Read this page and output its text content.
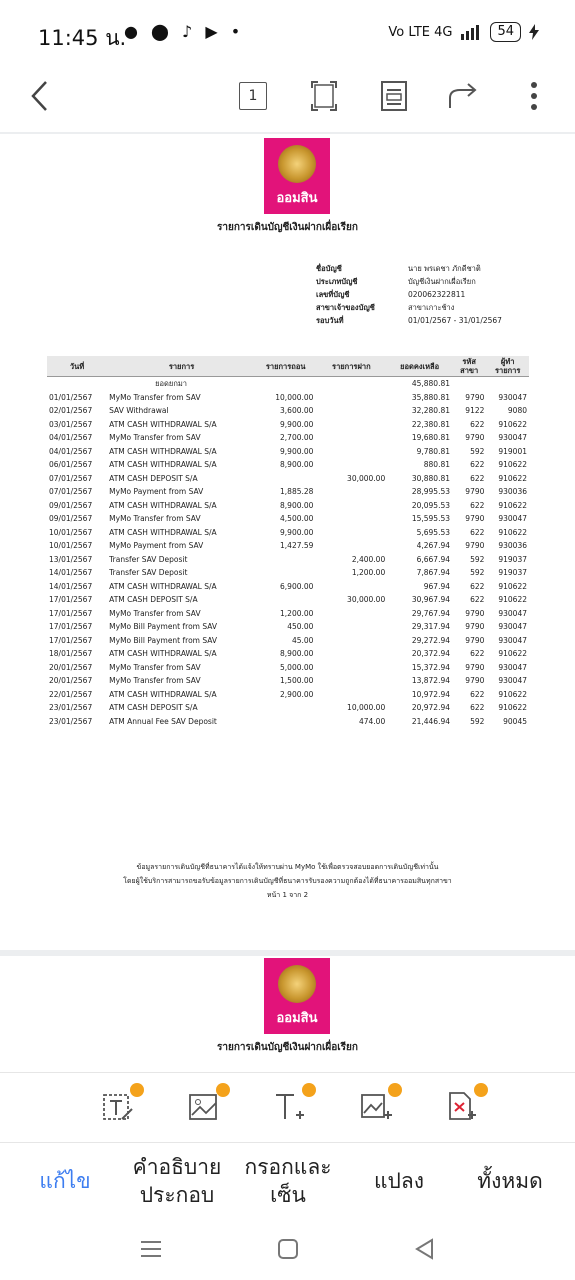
11:45 น.
● ⬤ ♪ ▶ •	Vo LTE 4G	54
1
ออมสิน
รายการเดินบัญชีเงินฝากเผื่อเรียก
ชื่อบัญชี	นาย พรเดชา ภักดีชาติ
ประเภทบัญชี	บัญชีเงินฝากเผื่อเรียก
เลขที่บัญชี	020062322811
สาขาเจ้าของบัญชี	สาขาเกาะช้าง
รอบวันที่	01/01/2567 - 31/01/2567
วันที่	รายการ	รายการถอน	รายการฝาก	ยอดคงเหลือ	รหัส สาขา	ผู้ทำ รายการ
	ยอดยกมา			45,880.81		
01/01/2567	MyMo Transfer from SAV	10,000.00		35,880.81	9790	930047
02/01/2567	SAV Withdrawal	3,600.00		32,280.81	9122	9080
03/01/2567	ATM CASH WITHDRAWAL S/A	9,900.00		22,380.81	622	910622
04/01/2567	MyMo Transfer from SAV	2,700.00		19,680.81	9790	930047
04/01/2567	ATM CASH WITHDRAWAL S/A	9,900.00		9,780.81	592	919001
06/01/2567	ATM CASH WITHDRAWAL S/A	8,900.00		880.81	622	910622
07/01/2567	ATM CASH DEPOSIT S/A		30,000.00	30,880.81	622	910622
07/01/2567	MyMo Payment from SAV	1,885.28		28,995.53	9790	930036
09/01/2567	ATM CASH WITHDRAWAL S/A	8,900.00		20,095.53	622	910622
09/01/2567	MyMo Transfer from SAV	4,500.00		15,595.53	9790	930047
10/01/2567	ATM CASH WITHDRAWAL S/A	9,900.00		5,695.53	622	910622
10/01/2567	MyMo Payment from SAV	1,427.59		4,267.94	9790	930036
13/01/2567	Transfer SAV Deposit		2,400.00	6,667.94	592	919037
14/01/2567	Transfer SAV Deposit		1,200.00	7,867.94	592	919037
14/01/2567	ATM CASH WITHDRAWAL S/A	6,900.00		967.94	622	910622
17/01/2567	ATM CASH DEPOSIT S/A		30,000.00	30,967.94	622	910622
17/01/2567	MyMo Transfer from SAV	1,200.00		29,767.94	9790	930047
17/01/2567	MyMo Bill Payment from SAV	450.00		29,317.94	9790	930047
17/01/2567	MyMo Bill Payment from SAV	45.00		29,272.94	9790	930047
18/01/2567	ATM CASH WITHDRAWAL S/A	8,900.00		20,372.94	622	910622
20/01/2567	MyMo Transfer from SAV	5,000.00		15,372.94	9790	930047
20/01/2567	MyMo Transfer from SAV	1,500.00		13,872.94	9790	930047
22/01/2567	ATM CASH WITHDRAWAL S/A	2,900.00		10,972.94	622	910622
23/01/2567	ATM CASH DEPOSIT S/A		10,000.00	20,972.94	622	910622
23/01/2567	ATM Annual Fee SAV Deposit		474.00	21,446.94	592	90045
ข้อมูลรายการเดินบัญชีที่ธนาคารได้แจ้งให้ทราบผ่าน MyMo ใช้เพื่อตรวจสอบยอดการเดินบัญชีเท่านั้น
โดยผู้ใช้บริการสามารถขอรับข้อมูลรายการเดินบัญชีที่ธนาคารรับรองความถูกต้องได้ที่ธนาคารออมสินทุกสาขา
หน้า 1 จาก 2
ออมสิน
รายการเดินบัญชีเงินฝากเผื่อเรียก
แก้ไข
คำอธิบาย
ประกอบ
กรอกและ
เซ็น
แปลง	ทั้งหมด
